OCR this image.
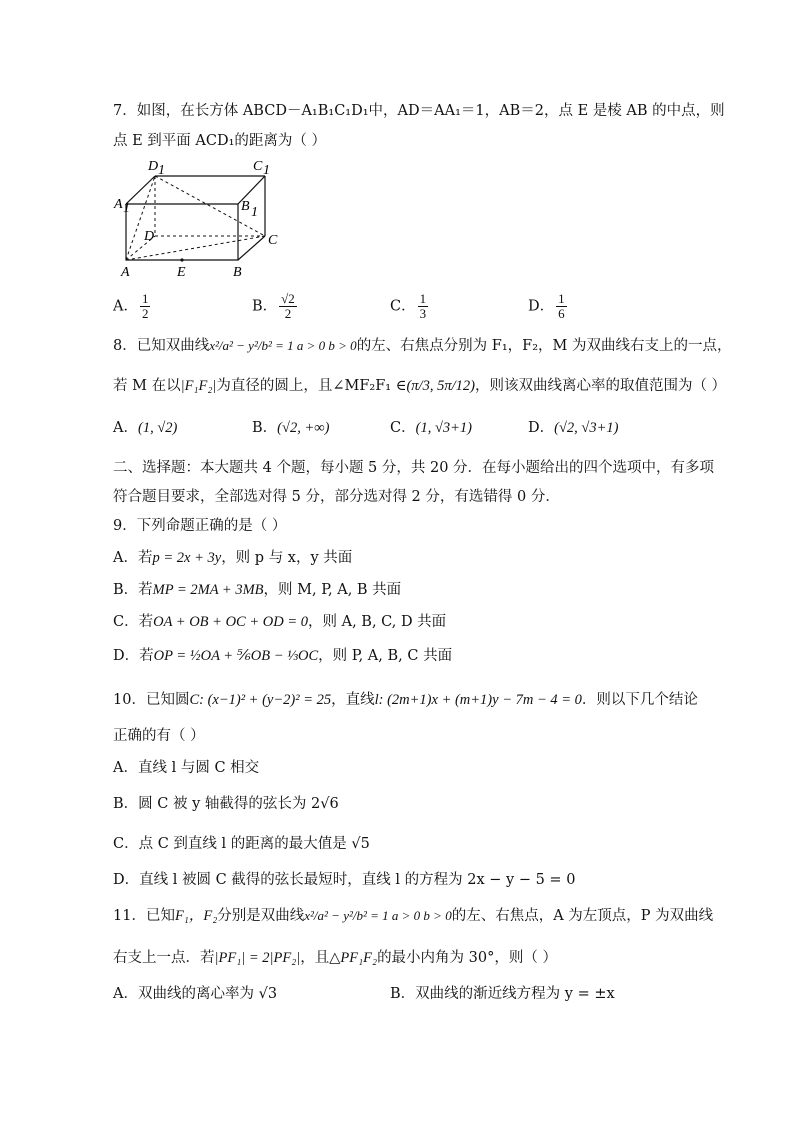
7．如图，在长方体 ABCD－A₁B₁C₁D₁中，AD＝AA₁＝1，AB＝2，点 E 是棱 AB 的中点，则
点 E 到平面 ACD₁的距离为（ ）
D 1	C 1
A 1	B 1
D	C
A	E	B
A． $\frac{1}{2}$	B． $\frac{√2}{2}$	C． $\frac{1}{3}$	D． $\frac{1}{6}$
8．已知双曲线x²/a² − y²/b² = 1 a > 0 b > 0的左、右焦点分别为 F₁，F₂，M 为双曲线右支上的一点，
若 M 在以|F₁F₂|为直径的圆上，且∠MF₂F₁ ∈(π/3, 5π/12)，则该双曲线离心率的取值范围为（ ）
A．(1, √2)	B．(√2, +∞)	C．(1, √3+1)	D．(√2, √3+1)
二、选择题：本大题共 4 个题，每小题 5 分，共 20 分．在每小题给出的四个选项中，有多项
符合题目要求，全部选对得 5 分，部分选对得 2 分，有选错得 0 分．
9．下列命题正确的是（ ）
A．若p = 2x + 3y，则 p 与 x，y 共面
B．若MP = 2MA + 3MB，则 M, P, A, B 共面
C．若OA + OB + OC + OD = 0，则 A, B, C, D 共面
D．若OP = ½OA + ⅚OB − ⅓OC，则 P, A, B, C 共面
10．已知圆C: (x−1)² + (y−2)² = 25，直线l: (2m+1)x + (m+1)y − 7m − 4 = 0．则以下几个结论
正确的有（ ）
A．直线 l 与圆 C 相交
B．圆 C 被 y 轴截得的弦长为 2√6
C．点 C 到直线 l 的距离的最大值是 √5
D．直线 l 被圆 C 截得的弦长最短时，直线 l 的方程为 2x − y − 5 = 0
11．已知F₁，F₂分别是双曲线x²/a² − y²/b² = 1 a > 0 b > 0的左、右焦点，A 为左顶点，P 为双曲线
右支上一点．若|PF₁| = 2|PF₂|，且△PF₁F₂的最小内角为 30°，则（ ）
A．双曲线的离心率为 √3	B．双曲线的渐近线方程为 y = ±x
